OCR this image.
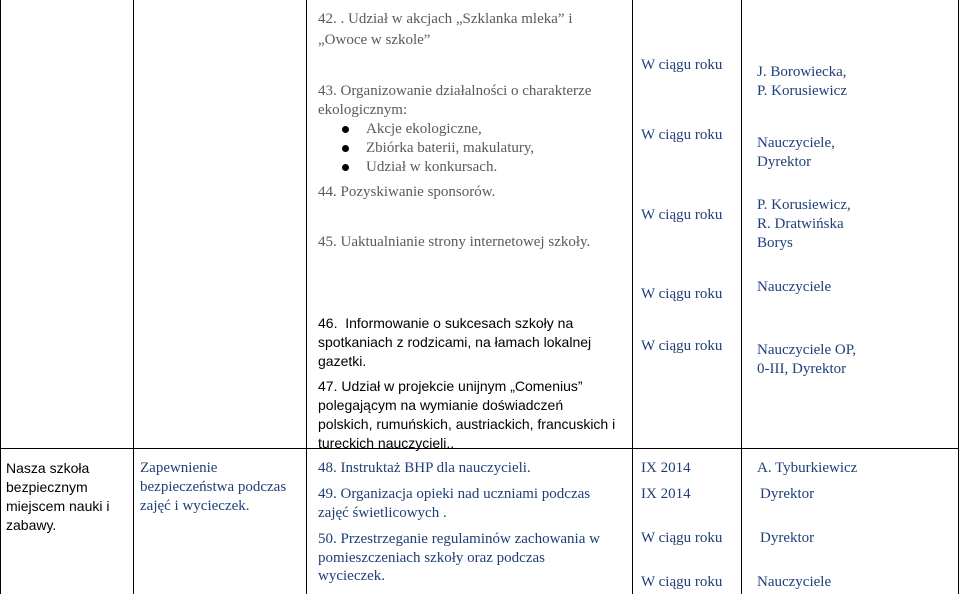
42. . Udział w akcjach „Szklanka mleka” i
„Owoce w szkole”
43. Organizowanie działalności o charakterze
ekologicznym:
Akcje ekologiczne,
Zbiórka baterii, makulatury,
Udział w konkursach.
44. Pozyskiwanie sponsorów.
45. Uaktualnianie strony internetowej szkoły.
W ciągu roku
W ciągu roku
W ciągu roku
W ciągu roku
J. Borowiecka,
P. Korusiewicz
Nauczyciele,
Dyrektor
P. Korusiewicz,
R. Dratwińska
Borys
Nauczyciele
46.  Informowanie o sukcesach szkoły na
spotkaniach z rodzicami, na łamach lokalnej
gazetki.
47. Udział w projekcie unijnym „Comenius”
polegającym na wymianie doświadczeń
polskich, rumuńskich, austriackich, francuskich i
tureckich nauczycieli..
W ciągu roku Nauczyciele OP,
0-III, Dyrektor
Nasza szkoła
bezpiecznym
miejscem nauki i
zabawy.
Zapewnienie
bezpieczeństwa podczas
zajęć i wycieczek.
48. Instruktaż BHP dla nauczycieli.
49. Organizacja opieki nad uczniami podczas
zajęć świetlicowych .
50. Przestrzeganie regulaminów zachowania w
pomieszczeniach szkoły oraz podczas
wycieczek.
IX 2014
IX 2014
W ciągu roku
W ciągu roku
A. Tyburkiewicz
Dyrektor
Dyrektor
Nauczyciele
